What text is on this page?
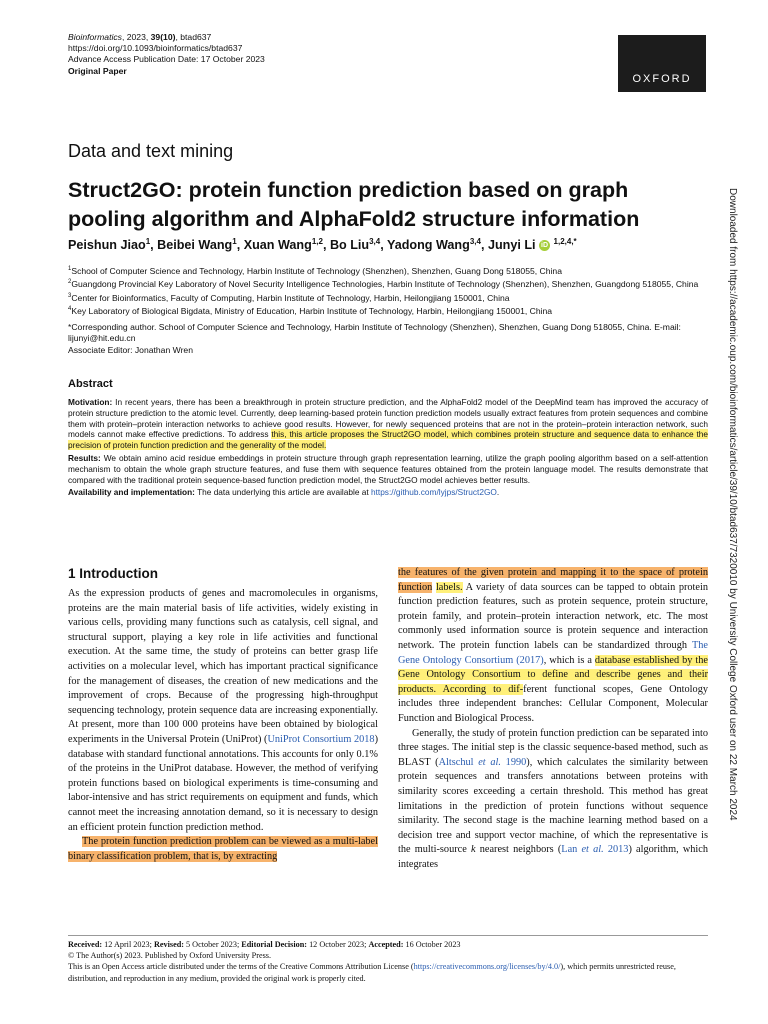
Bioinformatics, 2023, 39(10), btad637
https://doi.org/10.1093/bioinformatics/btad637
Advance Access Publication Date: 17 October 2023
Original Paper
OXFORD
Data and text mining
Struct2GO: protein function prediction based on graph pooling algorithm and AlphaFold2 structure information
Peishun Jiao$^1$, Beibei Wang$^1$, Xuan Wang$^{1,2}$, Bo Liu$^{3,4}$, Yadong Wang$^{3,4}$, Junyi Li iD $^{1,2,4,*}$
$^1$School of Computer Science and Technology, Harbin Institute of Technology (Shenzhen), Shenzhen, Guang Dong 518055, China
$^2$Guangdong Provincial Key Laboratory of Novel Security Intelligence Technologies, Harbin Institute of Technology (Shenzhen), Shenzhen, Guangdong 518055, China
$^3$Center for Bioinformatics, Faculty of Computing, Harbin Institute of Technology, Harbin, Heilongjiang 150001, China
$^4$Key Laboratory of Biological Bigdata, Ministry of Education, Harbin Institute of Technology, Harbin, Heilongjiang 150001, China
*Corresponding author. School of Computer Science and Technology, Harbin Institute of Technology (Shenzhen), Shenzhen, Guang Dong 518055, China. E-mail: lijunyi@hit.edu.cn
Associate Editor: Jonathan Wren
Abstract

Motivation: In recent years, there has been a breakthrough in protein structure prediction, and the AlphaFold2 model of the DeepMind team has improved the accuracy of protein structure prediction to the atomic level. Currently, deep learning-based protein function prediction models usually extract features from protein sequences and combine them with protein–protein interaction networks to achieve good results. However, for newly sequenced proteins that are not in the protein–protein interaction network, such models cannot make effective predictions. To address this, this article proposes the Struct2GO model, which combines protein structure and sequence data to enhance the precision of protein function prediction and the generality of the model.

Results: We obtain amino acid residue embeddings in protein structure through graph representation learning, utilize the graph pooling algorithm based on a self-attention mechanism to obtain the whole graph structure features, and fuse them with sequence features obtained from the protein language model. The results demonstrate that compared with the traditional protein sequence-based function prediction model, the Struct2GO model achieves better results.

Availability and implementation: The data underlying this article are available at https://github.com/lyjps/Struct2GO.

1 Introduction

As the expression products of genes and macromolecules in organisms, proteins are the main material basis of life activities, widely existing in various cells, providing many functions such as catalysis, cell signal, and structural support, playing a key role in life activities and functional execution. At the same time, the study of proteins can better grasp life activities on a molecular level, which has important practical significance for the management of diseases, the creation of new medications and the improvement of crops. Because of the progressing high-throughput sequencing technology, protein sequence data are increasing exponentially. At present, more than 100 000 proteins have been obtained by biological experiments in the Universal Protein (UniProt) (UniProt Consortium 2018) database with standard functional annotations. This accounts for only 0.1% of the proteins in the UniProt database. However, the method of verifying protein functions based on biological experiments is time-consuming and labor-intensive and has strict requirements on equipment and funds, which cannot meet the increasing annotation demand, so it is necessary to design an efficient protein function prediction method.

The protein function prediction problem can be viewed as a multi-label binary classification problem, that is, by extracting

the features of the given protein and mapping it to the space of protein function labels. A variety of data sources can be tapped to obtain protein function prediction features, such as protein sequence, protein structure, protein family, and protein–protein interaction network, etc. The most commonly used information source is protein sequence and interaction network. The protein function labels can be standardized through The Gene Ontology Consortium (2017), which is a database established by the Gene Ontology Consortium to define and describe genes and their products. According to dif-ferent functional scopes, Gene Ontology includes three independent branches: Cellular Component, Molecular Function and Biological Process.

Generally, the study of protein function prediction can be separated into three stages. The initial step is the classic sequence-based method, such as BLAST (Altschul et al. 1990), which calculates the similarity between protein sequences and transfers annotations between proteins with similarity scores exceeding a certain threshold. This method has great limitations in the prediction of protein functions without sequence similarity. The second stage is the machine learning method based on a decision tree and support vector machine, of which the representative is the multi-source k nearest neighbors (Lan et al. 2013) algorithm, which integrates

Received: 12 April 2023; Revised: 5 October 2023; Editorial Decision: 12 October 2023; Accepted: 16 October 2023
© The Author(s) 2023. Published by Oxford University Press.
This is an Open Access article distributed under the terms of the Creative Commons Attribution License (https://creativecommons.org/licenses/by/4.0/), which permits unrestricted reuse, distribution, and reproduction in any medium, provided the original work is properly cited.
Downloaded from https://academic.oup.com/bioinformatics/article/39/10/btad637/7320010 by University College Oxford user on 22 March 2024
